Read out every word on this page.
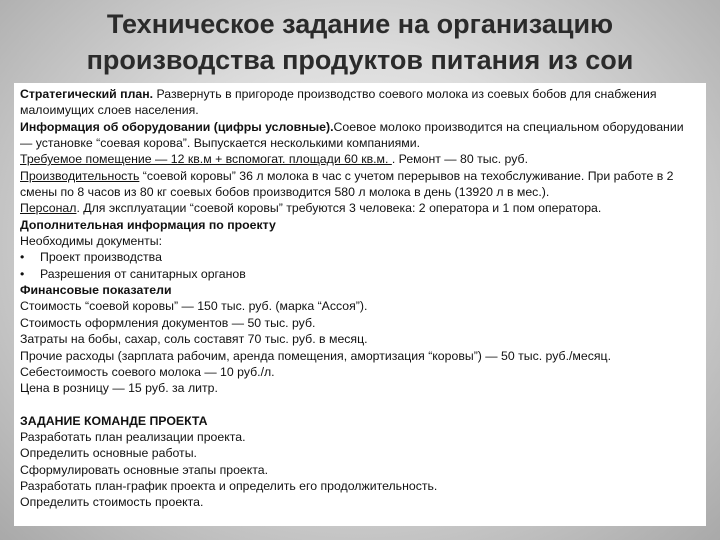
Техническое задание на организацию
производства продуктов питания из сои

Стратегический план. Развернуть в пригороде производство соевого молока из соевых бобов для снабжения малоимущих слоев населения.

Информация об оборудовании (цифры условные).Соевое молоко производится на специальном оборудовании — установке “соевая корова”. Выпускается несколькими компаниями.

Требуемое помещение — 12 кв.м + вспомогат. площади 60 кв.м. . Ремонт — 80 тыс. руб.

Производительность “соевой коровы” 36 л молока в час с учетом перерывов на техобслуживание. При работе в 2 смены по 8 часов из 80 кг соевых бобов производится 580 л молока в день (13920 л в мес.).

Персонал. Для эксплуатации “соевой коровы” требуются 3 человека: 2 оператора и 1 пом оператора.

Дополнительная информация по проекту

Необходимы документы:

• Проект производства

• Разрешения от санитарных органов

Финансовые показатели

Стоимость “соевой коровы” — 150 тыс. руб. (марка “Ассоя”).

Стоимость оформления документов — 50 тыс. руб.

Затраты на бобы, сахар, соль составят 70 тыс. руб. в месяц.

Прочие расходы (зарплата рабочим, аренда помещения, амортизация “коровы”) — 50 тыс. руб./месяц.

Себестоимость соевого молока — 10 руб./л.

Цена в розницу — 15 руб. за литр.

ЗАДАНИЕ КОМАНДЕ ПРОЕКТА

Разработать план реализации проекта.

Определить основные работы.

Сформулировать основные этапы проекта.

Разработать план-график проекта и определить его продолжительность.

Определить стоимость проекта.
